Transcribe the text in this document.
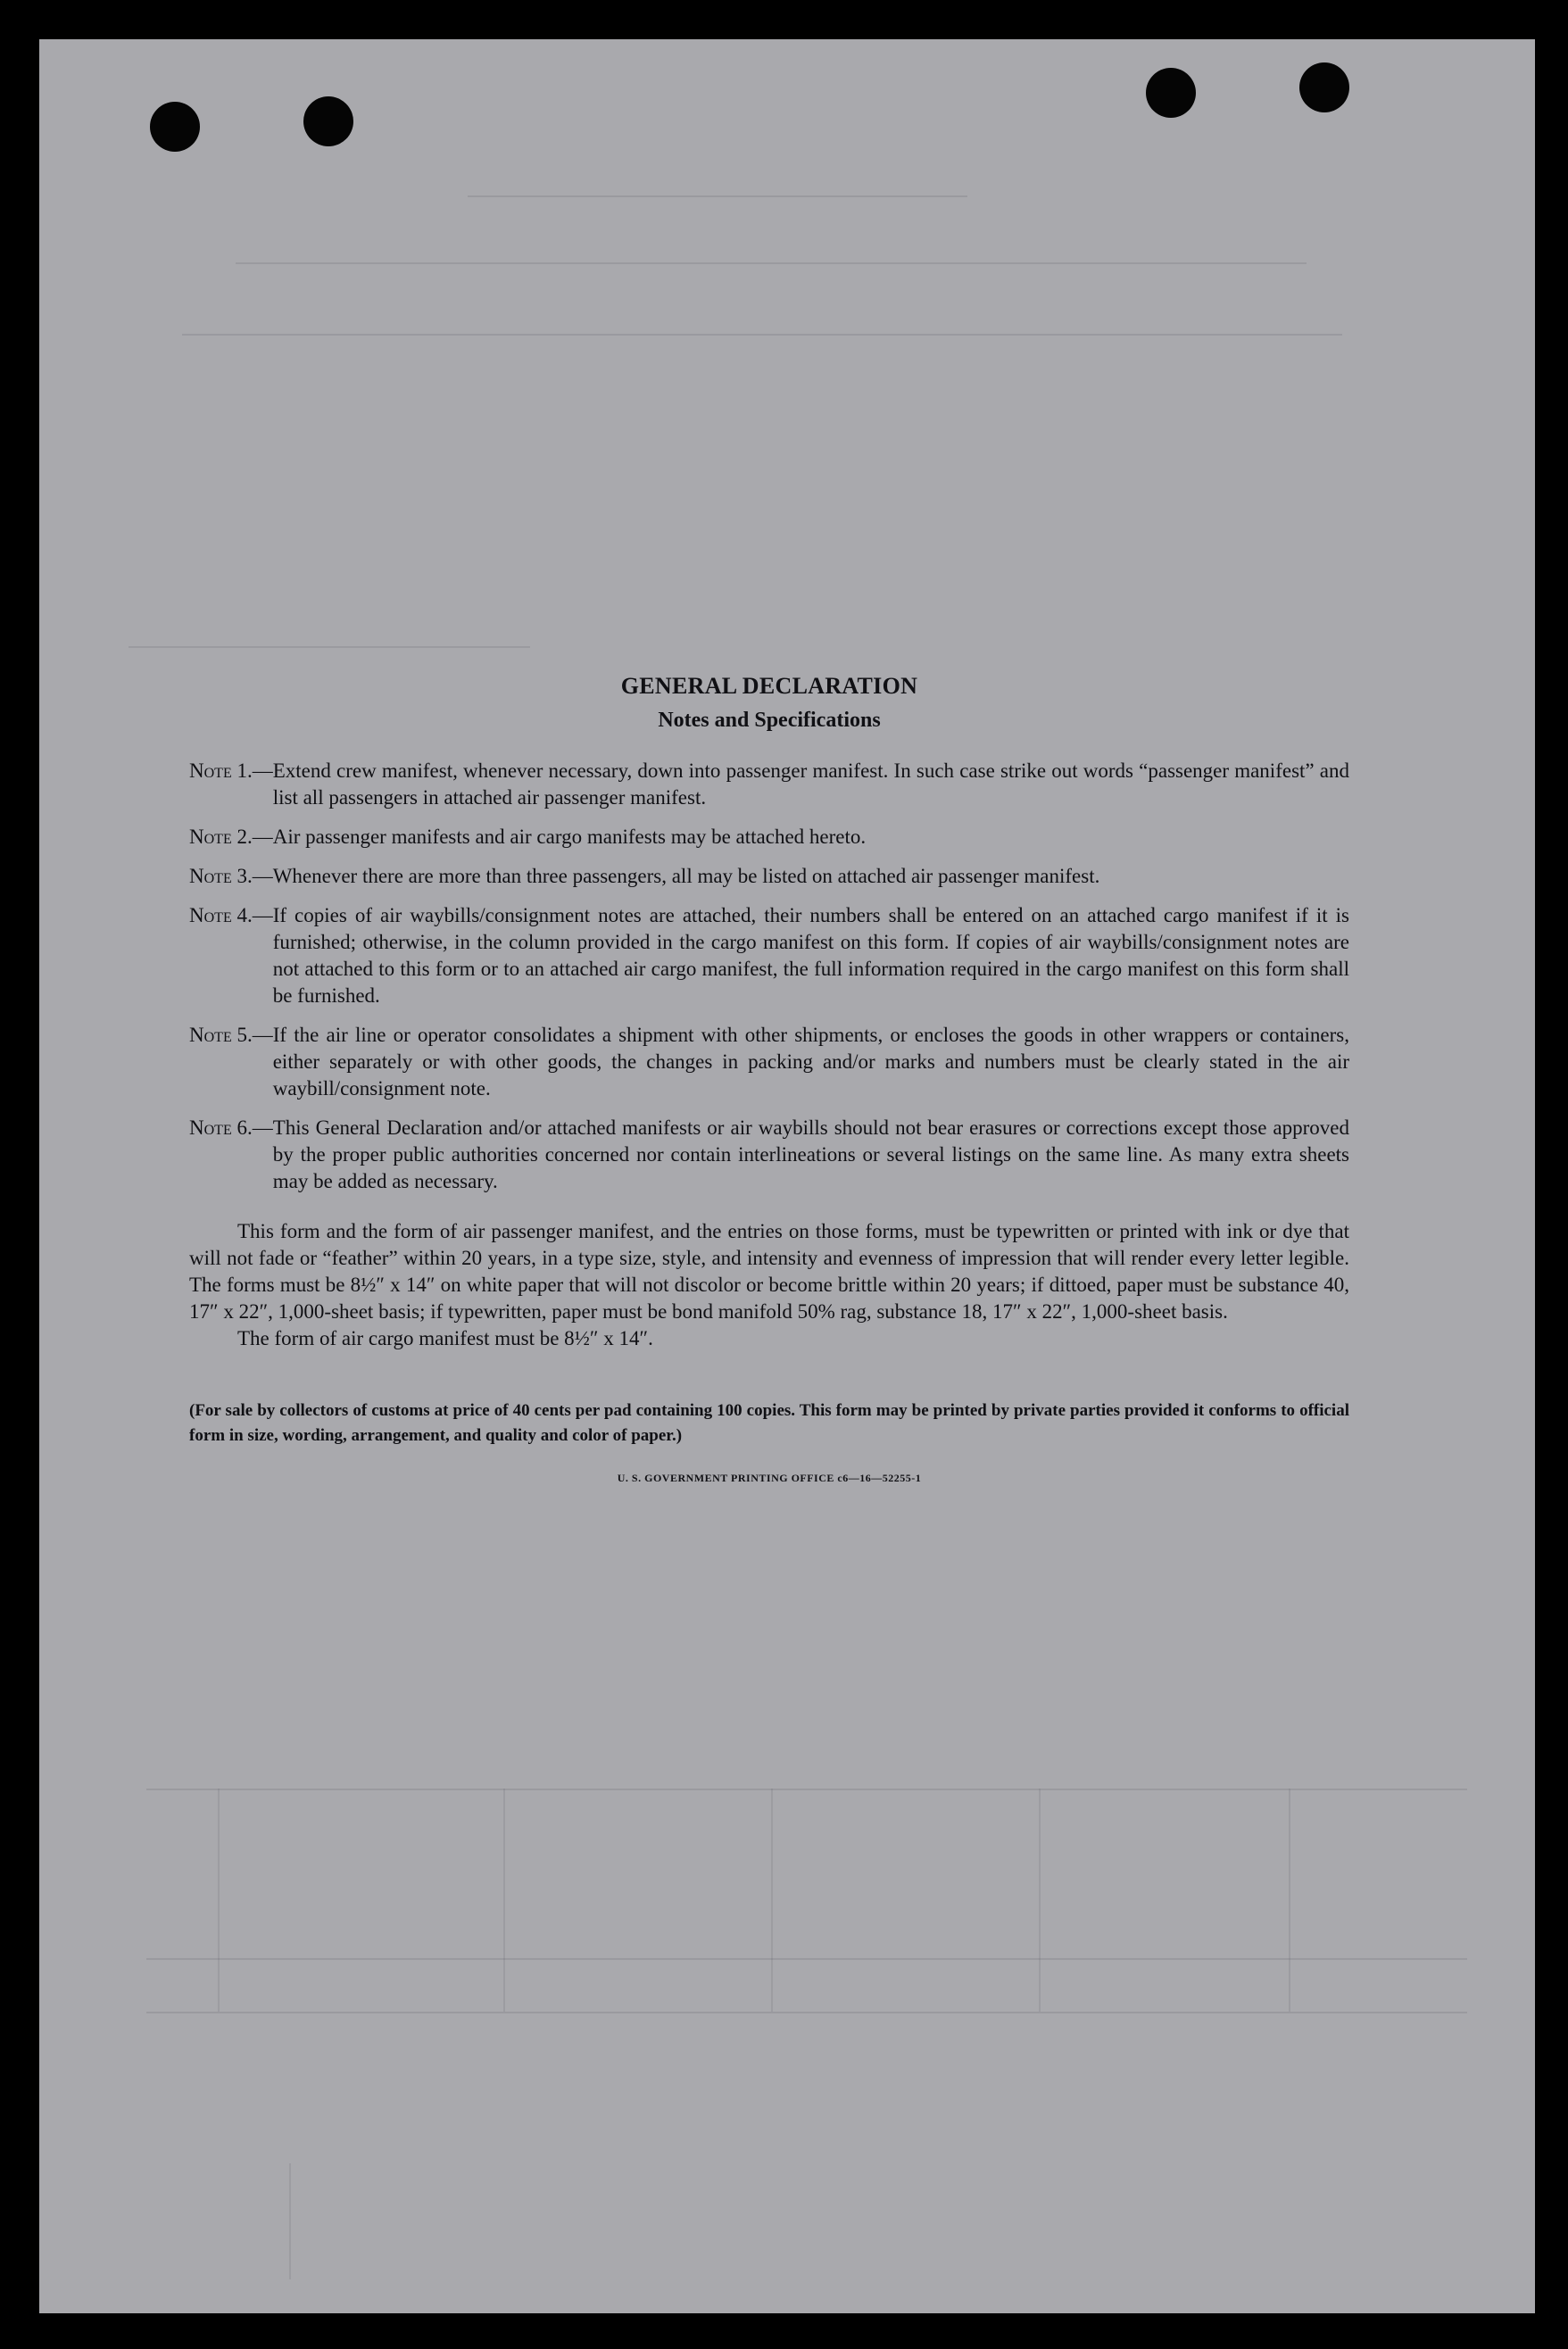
GENERAL DECLARATION
Notes and Specifications
Note 1.— Extend crew manifest, whenever necessary, down into passenger manifest. In such case strike out words “passenger manifest” and list all passengers in attached air passenger manifest.
Note 2.— Air passenger manifests and air cargo manifests may be attached hereto.
Note 3.— Whenever there are more than three passengers, all may be listed on attached air passenger manifest.
Note 4.— If copies of air waybills/consignment notes are attached, their numbers shall be entered on an attached cargo manifest if it is furnished; otherwise, in the column provided in the cargo manifest on this form. If copies of air waybills/consignment notes are not attached to this form or to an attached air cargo manifest, the full information required in the cargo manifest on this form shall be furnished.
Note 5.— If the air line or operator consolidates a shipment with other shipments, or encloses the goods in other wrappers or containers, either separately or with other goods, the changes in packing and/or marks and numbers must be clearly stated in the air waybill/consignment note.
Note 6.— This General Declaration and/or attached manifests or air waybills should not bear erasures or corrections except those approved by the proper public authorities concerned nor contain interlineations or several listings on the same line. As many extra sheets may be added as necessary.

This form and the form of air passenger manifest, and the entries on those forms, must be typewritten or printed with ink or dye that will not fade or “feather” within 20 years, in a type size, style, and intensity and evenness of impression that will render every letter legible. The forms must be 8½″ x 14″ on white paper that will not discolor or become brittle within 20 years; if dittoed, paper must be substance 40, 17″ x 22″, 1,000-sheet basis; if typewritten, paper must be bond manifold 50% rag, substance 18, 17″ x 22″, 1,000-sheet basis.

The form of air cargo manifest must be 8½″ x 14″.

(For sale by collectors of customs at price of 40 cents per pad containing 100 copies. This form may be printed by private parties provided it conforms to official form in size, wording, arrangement, and quality and color of paper.)
U. S. GOVERNMENT PRINTING OFFICE c6—16—52255-1
